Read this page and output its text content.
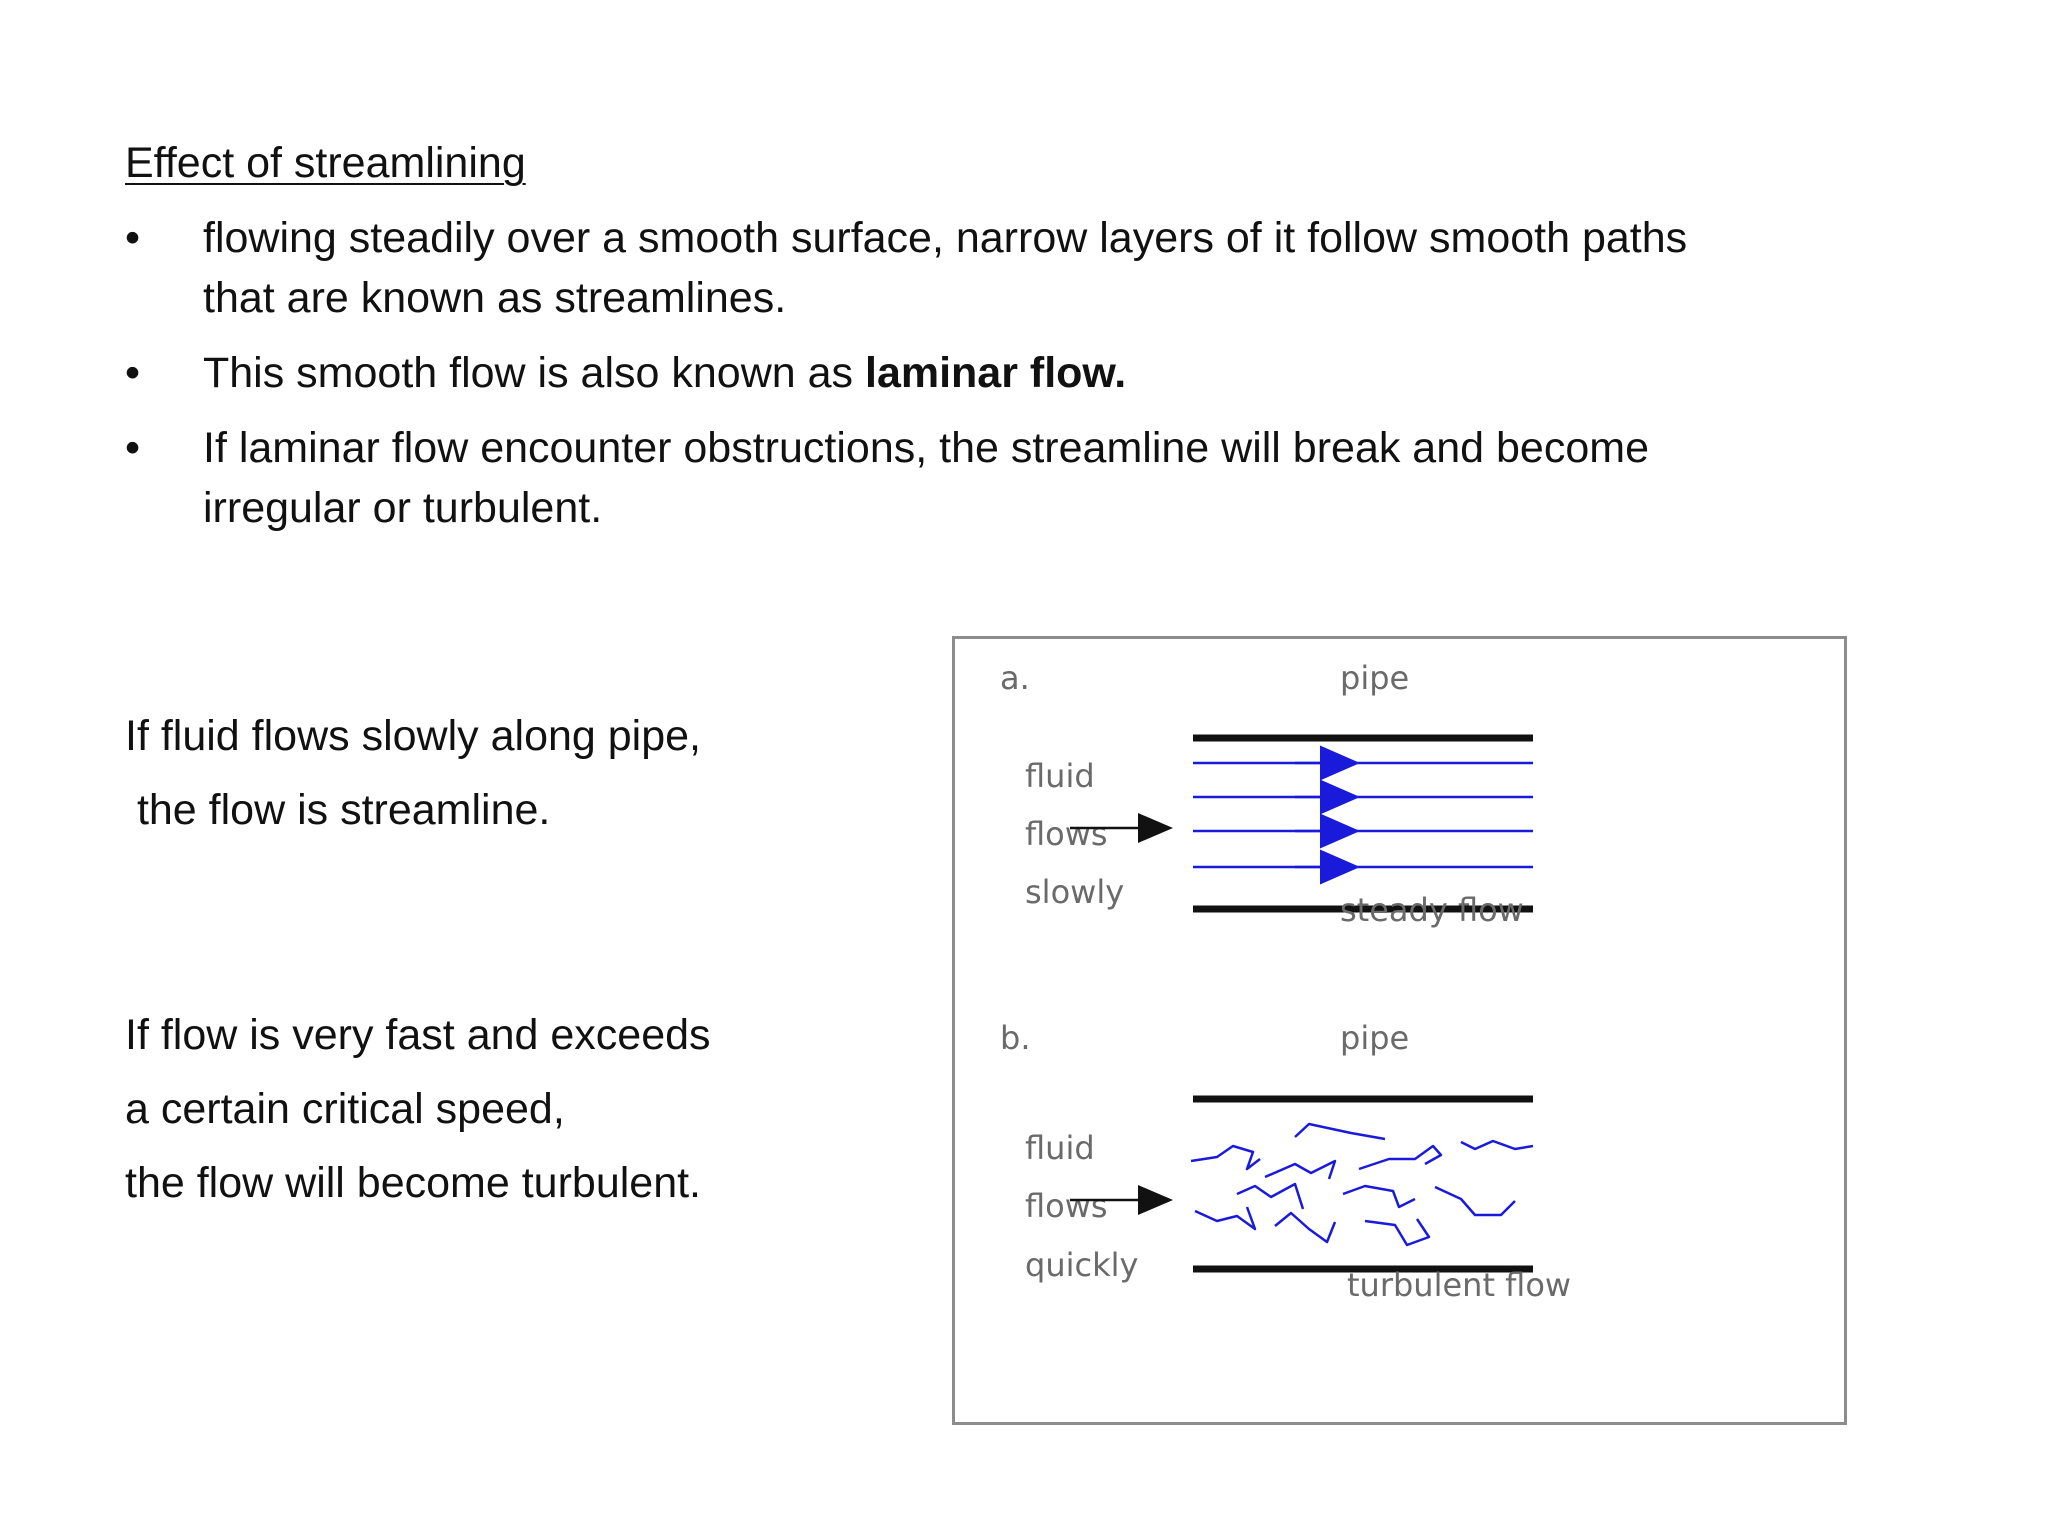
Effect of streamlining
• flowing steadily over a smooth surface, narrow layers of it follow smooth paths that are known as streamlines.
• This smooth flow is also known as laminar flow.
• If laminar flow encounter obstructions, the streamline will break and become irregular or turbulent.

If fluid flows slowly along pipe,

the flow is streamline.

If flow is very fast and exceeds

a certain critical speed,

the flow will become turbulent.

a.	pipe
fluid
flows
slowly	steady flow
b.	pipe
fluid
flows
quickly
turbulent flow
